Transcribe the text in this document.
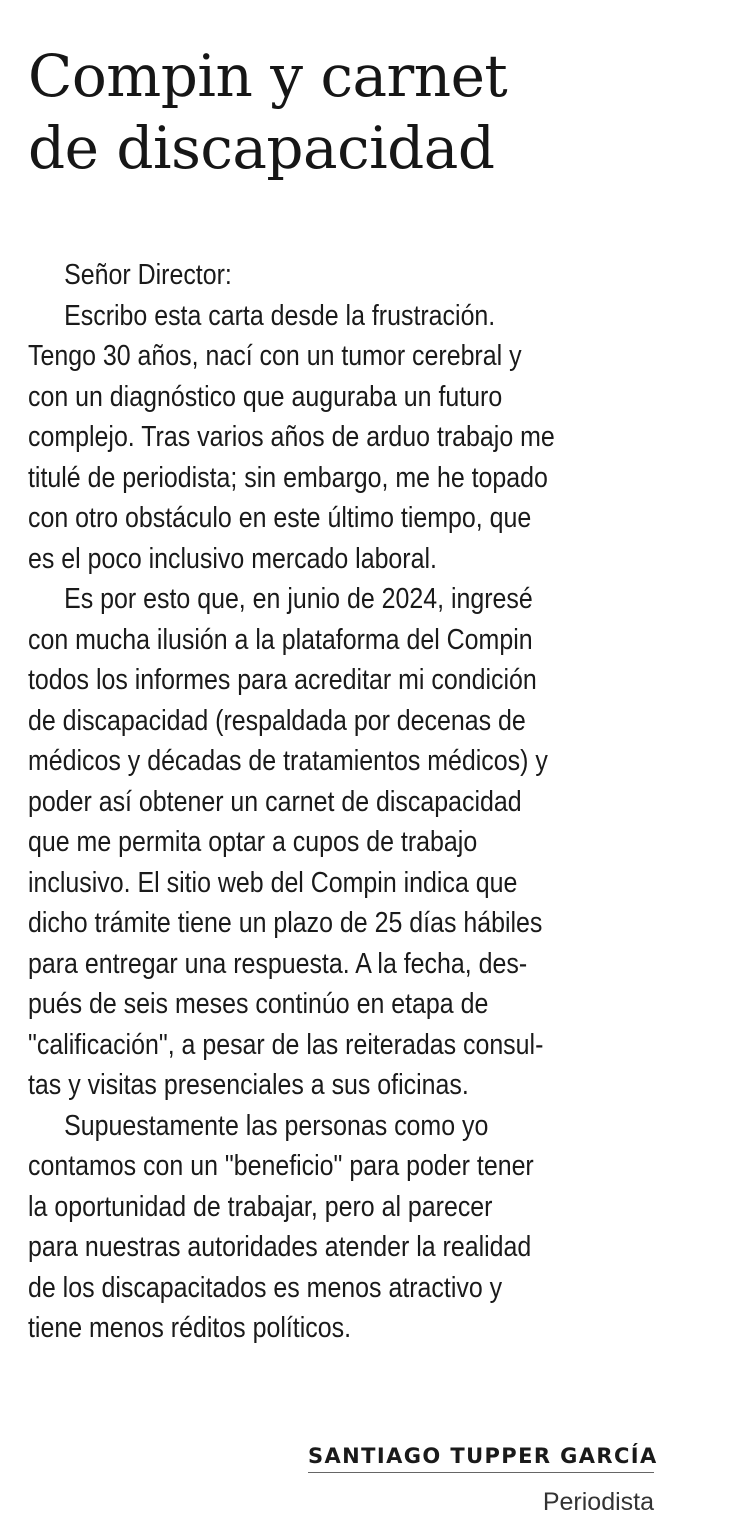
Compin y carnet
de discapacidad
Señor Director:
Escribo esta carta desde la frustración.
Tengo 30 años, nací con un tumor cerebral y
con un diagnóstico que auguraba un futuro
complejo. Tras varios años de arduo trabajo me
titulé de periodista; sin embargo, me he topado
con otro obstáculo en este último tiempo, que
es el poco inclusivo mercado laboral.
Es por esto que, en junio de 2024, ingresé
con mucha ilusión a la plataforma del Compin
todos los informes para acreditar mi condición
de discapacidad (respaldada por decenas de
médicos y décadas de tratamientos médicos) y
poder así obtener un carnet de discapacidad
que me permita optar a cupos de trabajo
inclusivo. El sitio web del Compin indica que
dicho trámite tiene un plazo de 25 días hábiles
para entregar una respuesta. A la fecha, des-
pués de seis meses continúo en etapa de
"calificación", a pesar de las reiteradas consul-
tas y visitas presenciales a sus oficinas.
Supuestamente las personas como yo
contamos con un "beneficio" para poder tener
la oportunidad de trabajar, pero al parecer
para nuestras autoridades atender la realidad
de los discapacitados es menos atractivo y
tiene menos réditos políticos.
SANTIAGO TUPPER GARCÍA
Periodista
